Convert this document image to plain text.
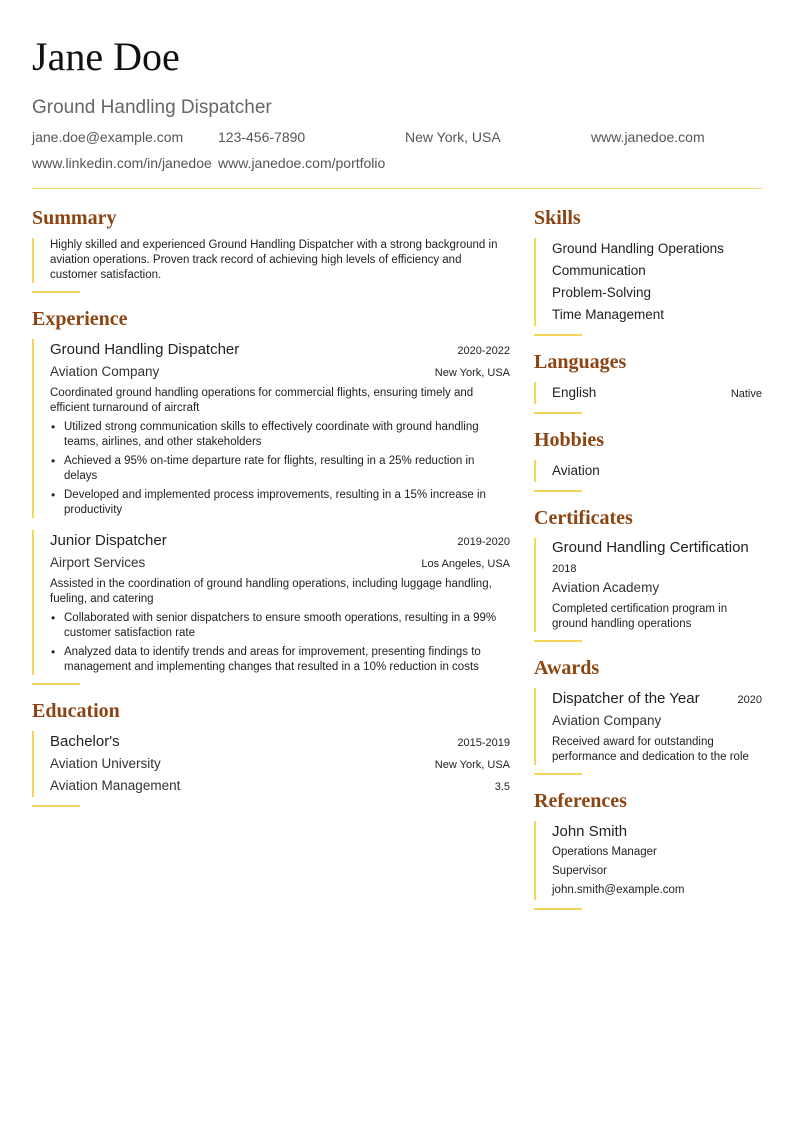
Jane Doe
Ground Handling Dispatcher
jane.doe@example.com 123-456-7890	New York, USA	www.janedoe.com
www.linkedin.com/in/janedoe www.janedoe.com/portfolio
Summary

Highly skilled and experienced Ground Handling Dispatcher with a strong background in aviation operations. Proven track record of achieving high levels of efficiency and customer satisfaction.

Experience
Ground Handling Dispatcher	2020-2022
Aviation Company	New York, USA

Coordinated ground handling operations for commercial flights, ensuring timely and efficient turnaround of aircraft

• Utilized strong communication skills to effectively coordinate with ground handling teams, airlines, and other stakeholders
• Achieved a 95% on-time departure rate for flights, resulting in a 25% reduction in delays
• Developed and implemented process improvements, resulting in a 15% increase in productivity
Junior Dispatcher	2019-2020
Airport Services	Los Angeles, USA

Assisted in the coordination of ground handling operations, including luggage handling, fueling, and catering

• Collaborated with senior dispatchers to ensure smooth operations, resulting in a 99% customer satisfaction rate
• Analyzed data to identify trends and areas for improvement, presenting findings to management and implementing changes that resulted in a 10% reduction in costs
Education
Bachelor's	2015-2019
Aviation University	New York, USA
Aviation Management	3.5
Skills
Ground Handling Operations
Communication
Problem-Solving
Time Management
Languages
English	Native
Hobbies
Aviation
Certificates
Ground Handling Certification
2018
Aviation Academy

Completed certification program in ground handling operations

Awards
Dispatcher of the Year	2020
Aviation Company

Received award for outstanding performance and dedication to the role

References
John Smith
Operations Manager
Supervisor
john.smith@example.com
